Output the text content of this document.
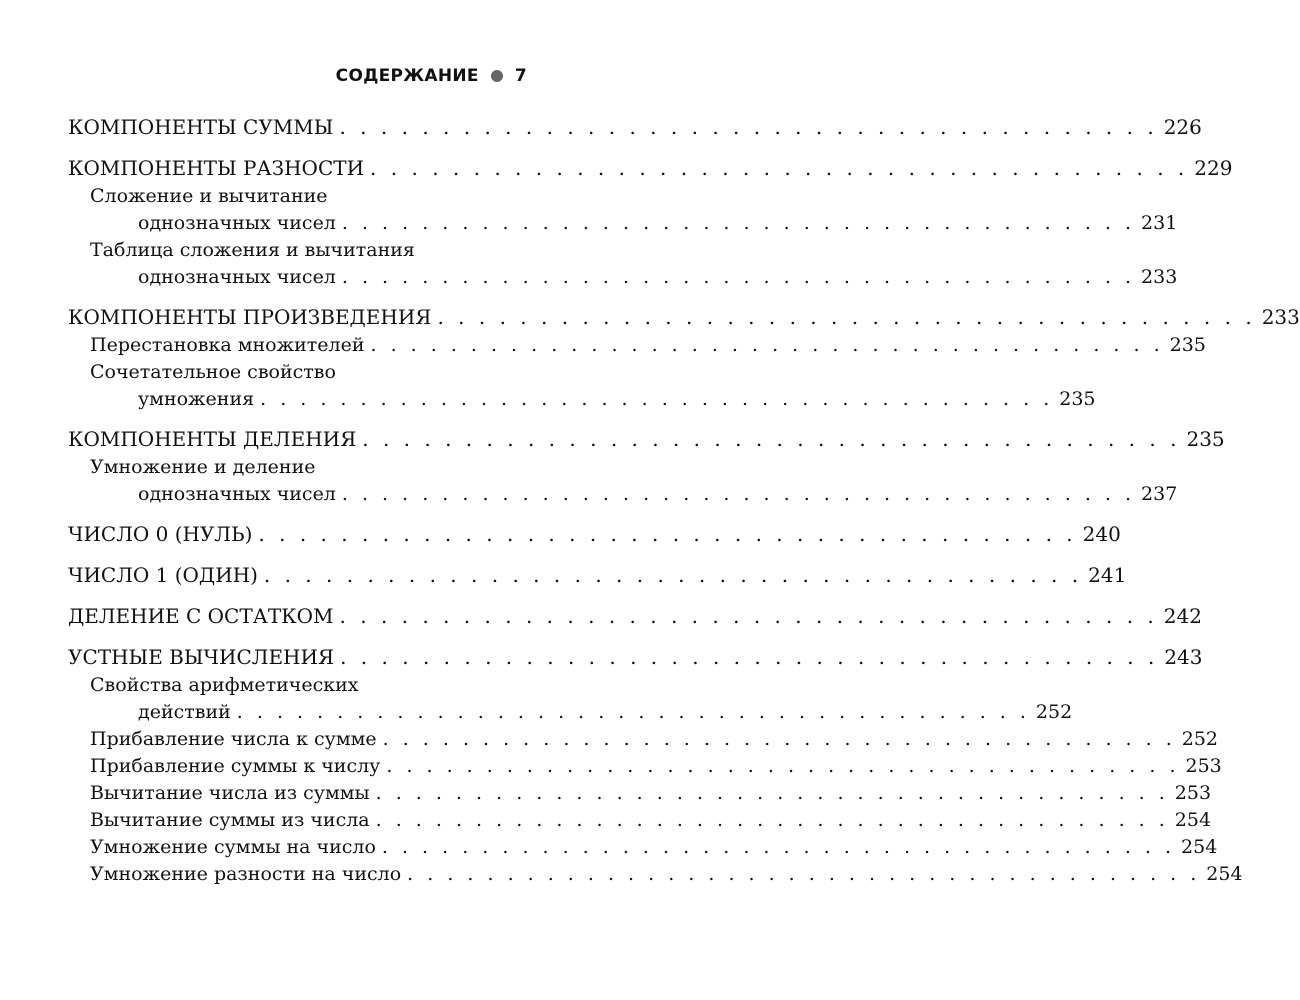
СОДЕРЖАНИЕ 7
КОМПОНЕНТЫ СУММЫ . . . . . . . . . . . . . . . . . . . . . . . . . . . . . . . . . . . . . . . . 226
КОМПОНЕНТЫ РАЗНОСТИ . . . . . . . . . . . . . . . . . . . . . . . . . . . . . . . . . . . . . . . . 229
Сложение и вычитание
однозначных чисел . . . . . . . . . . . . . . . . . . . . . . . . . . . . . . . . . . . . . . . . 231
Таблица сложения и вычитания
однозначных чисел . . . . . . . . . . . . . . . . . . . . . . . . . . . . . . . . . . . . . . . . 233
КОМПОНЕНТЫ ПРОИЗВЕДЕНИЯ . . . . . . . . . . . . . . . . . . . . . . . . . . . . . . . . . . . . . . . . 233
Перестановка множителей . . . . . . . . . . . . . . . . . . . . . . . . . . . . . . . . . . . . . . . . 235
Сочетательное свойство
умножения . . . . . . . . . . . . . . . . . . . . . . . . . . . . . . . . . . . . . . . . 235
КОМПОНЕНТЫ ДЕЛЕНИЯ . . . . . . . . . . . . . . . . . . . . . . . . . . . . . . . . . . . . . . . . 235
Умножение и деление
однозначных чисел . . . . . . . . . . . . . . . . . . . . . . . . . . . . . . . . . . . . . . . . 237
ЧИСЛО 0 (НУЛЬ) . . . . . . . . . . . . . . . . . . . . . . . . . . . . . . . . . . . . . . . . 240
ЧИСЛО 1 (ОДИН) . . . . . . . . . . . . . . . . . . . . . . . . . . . . . . . . . . . . . . . . 241
ДЕЛЕНИЕ С ОСТАТКОМ . . . . . . . . . . . . . . . . . . . . . . . . . . . . . . . . . . . . . . . . 242
УСТНЫЕ ВЫЧИСЛЕНИЯ . . . . . . . . . . . . . . . . . . . . . . . . . . . . . . . . . . . . . . . . 243
Свойства арифметических
действий . . . . . . . . . . . . . . . . . . . . . . . . . . . . . . . . . . . . . . . . 252
Прибавление числа к сумме . . . . . . . . . . . . . . . . . . . . . . . . . . . . . . . . . . . . . . . . 252
Прибавление суммы к числу . . . . . . . . . . . . . . . . . . . . . . . . . . . . . . . . . . . . . . . . 253
Вычитание числа из суммы . . . . . . . . . . . . . . . . . . . . . . . . . . . . . . . . . . . . . . . . 253
Вычитание суммы из числа . . . . . . . . . . . . . . . . . . . . . . . . . . . . . . . . . . . . . . . . 254
Умножение суммы на число . . . . . . . . . . . . . . . . . . . . . . . . . . . . . . . . . . . . . . . . 254
Умножение разности на число . . . . . . . . . . . . . . . . . . . . . . . . . . . . . . . . . . . . . . . . 254
